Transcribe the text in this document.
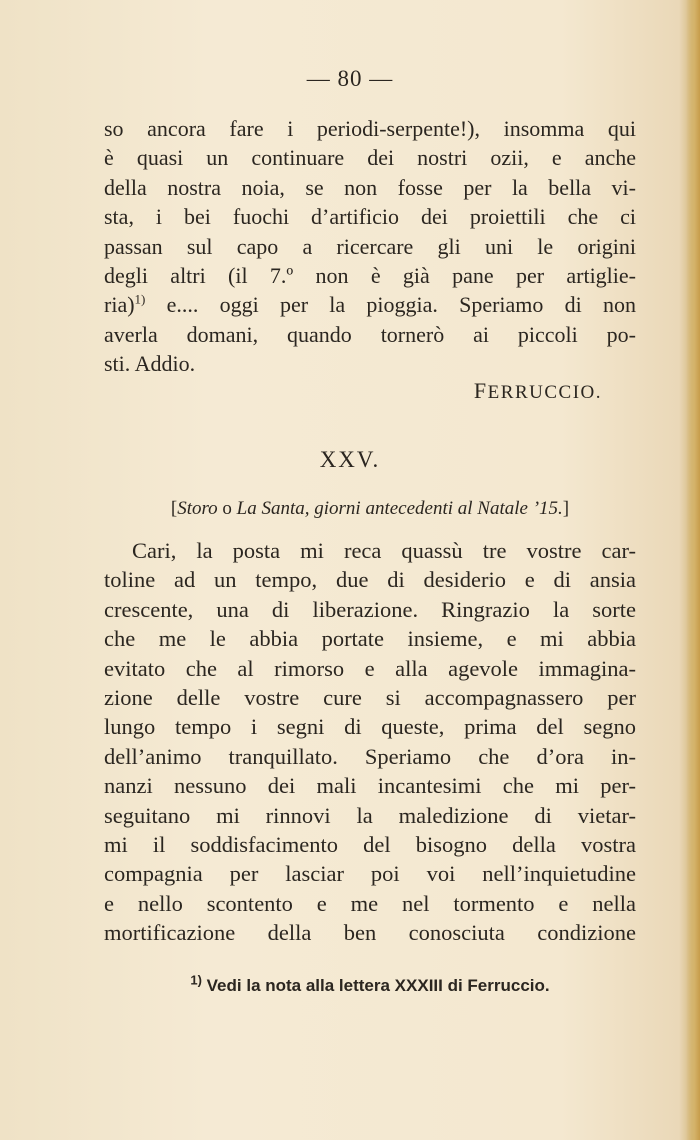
— 80 —
so ancora fare i periodi-serpente!), insomma qui
è quasi un continuare dei nostri ozii, e anche
della nostra noia, se non fosse per la bella vi-
sta, i bei fuochi d’artificio dei proiettili che ci
passan sul capo a ricercare gli uni le origini
degli altri (il 7.º non è già pane per artiglie-
ria)$^{1)}$ e.... oggi per la pioggia. Speriamo di non
averla domani, quando tornerò ai piccoli po-
sti. Addio.
FERRUCCIO.
XXV.
[Storo o La Santa, giorni antecedenti al Natale ’15.]
Cari, la posta mi reca quassù tre vostre car-
toline ad un tempo, due di desiderio e di ansia
crescente, una di liberazione. Ringrazio la sorte
che me le abbia portate insieme, e mi abbia
evitato che al rimorso e alla agevole immagina-
zione delle vostre cure si accompagnassero per
lungo tempo i segni di queste, prima del segno
dell’animo tranquillato. Speriamo che d’ora in-
nanzi nessuno dei mali incantesimi che mi per-
seguitano mi rinnovi la maledizione di vietar-
mi il soddisfacimento del bisogno della vostra
compagnia per lasciar poi voi nell’inquietudine
e nello scontento e me nel tormento e nella
mortificazione della ben conosciuta condizione
$^{1)}$ Vedi la nota alla lettera XXXIII di Ferruccio.
